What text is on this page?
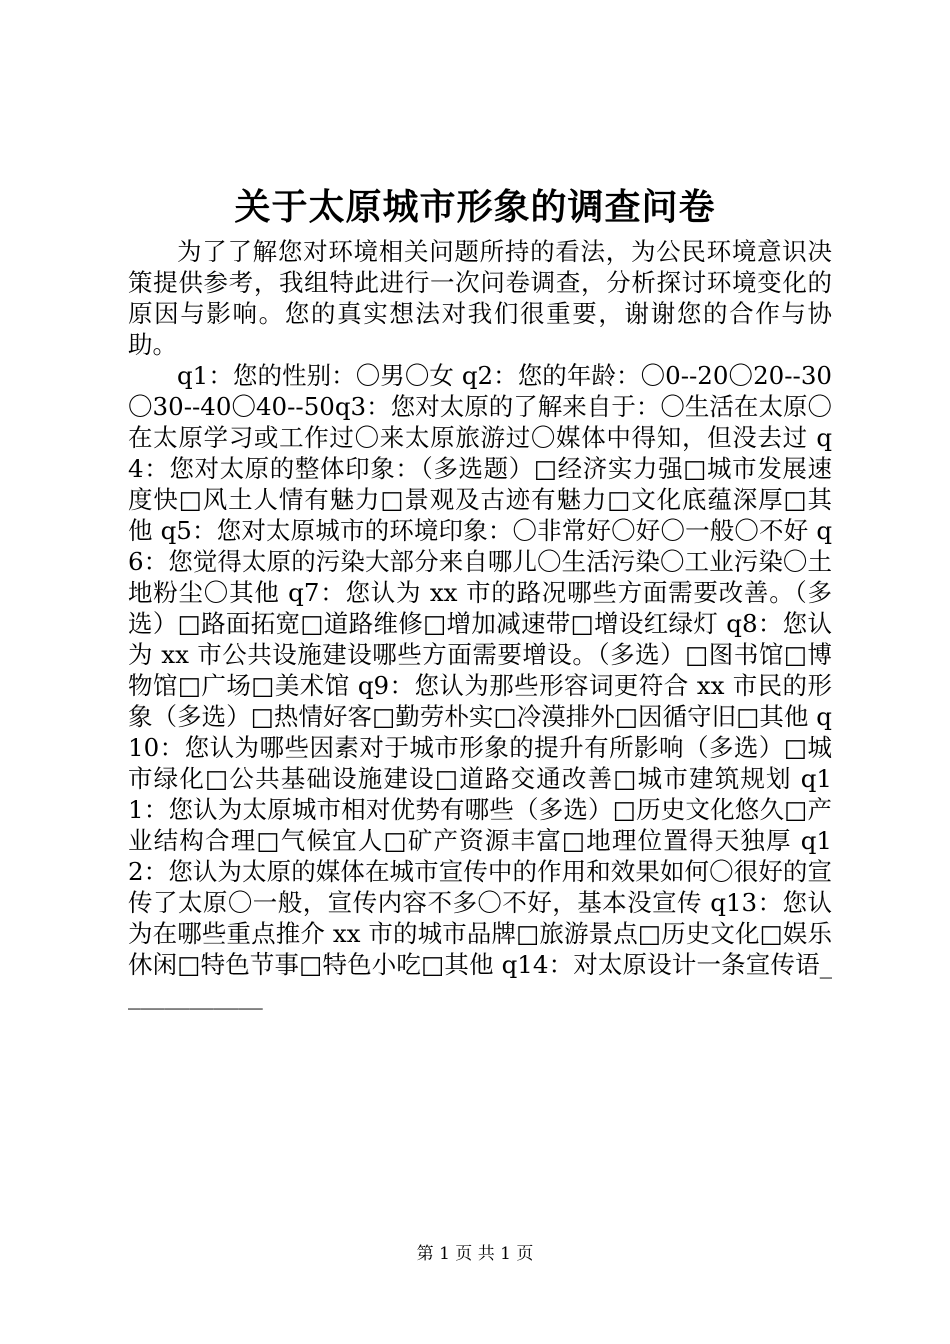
关于太原城市形象的调查问卷

为了了解您对环境相关问题所持的看法，为公民环境意识决策提供参考，我组特此进行一次问卷调查，分析探讨环境变化的原因与影响。您的真实想法对我们很重要，谢谢您的合作与协助。

q1：您的性别：〇男〇女 q2：您的年龄：〇0--20〇20--30〇30--40〇40--50q3：您对太原的了解来自于：〇生活在太原〇在太原学习或工作过〇来太原旅游过〇媒体中得知，但没去过 q4：您对太原的整体印象：（多选题）□经济实力强□城市发展速度快□风土人情有魅力□景观及古迹有魅力□文化底蕴深厚□其他 q5：您对太原城市的环境印象：〇非常好〇好〇一般〇不好 q6：您觉得太原的污染大部分来自哪儿〇生活污染〇工业污染〇土地粉尘〇其他 q7：您认为 xx 市的路况哪些方面需要改善。（多选）□路面拓宽□道路维修□增加减速带□增设红绿灯 q8：您认为 xx 市公共设施建设哪些方面需要增设。（多选）□图书馆□博物馆□广场□美术馆 q9：您认为那些形容词更符合 xx 市民的形象（多选）□热情好客□勤劳朴实□冷漠排外□因循守旧□其他 q10：您认为哪些因素对于城市形象的提升有所影响（多选）□城市绿化□公共基础设施建设□道路交通改善□城市建筑规划 q11：您认为太原城市相对优势有哪些（多选）□历史文化悠久□产业结构合理□气候宜人□矿产资源丰富□地理位置得天独厚 q12：您认为太原的媒体在城市宣传中的作用和效果如何〇很好的宣传了太原〇一般，宣传内容不多〇不好，基本没宣传 q13：您认为在哪些重点推介 xx 市的城市品牌□旅游景点□历史文化□娱乐休闲□特色节事□特色小吃□其他 q14：对太原设计一条宣传语____________

第 1 页 共 1 页
